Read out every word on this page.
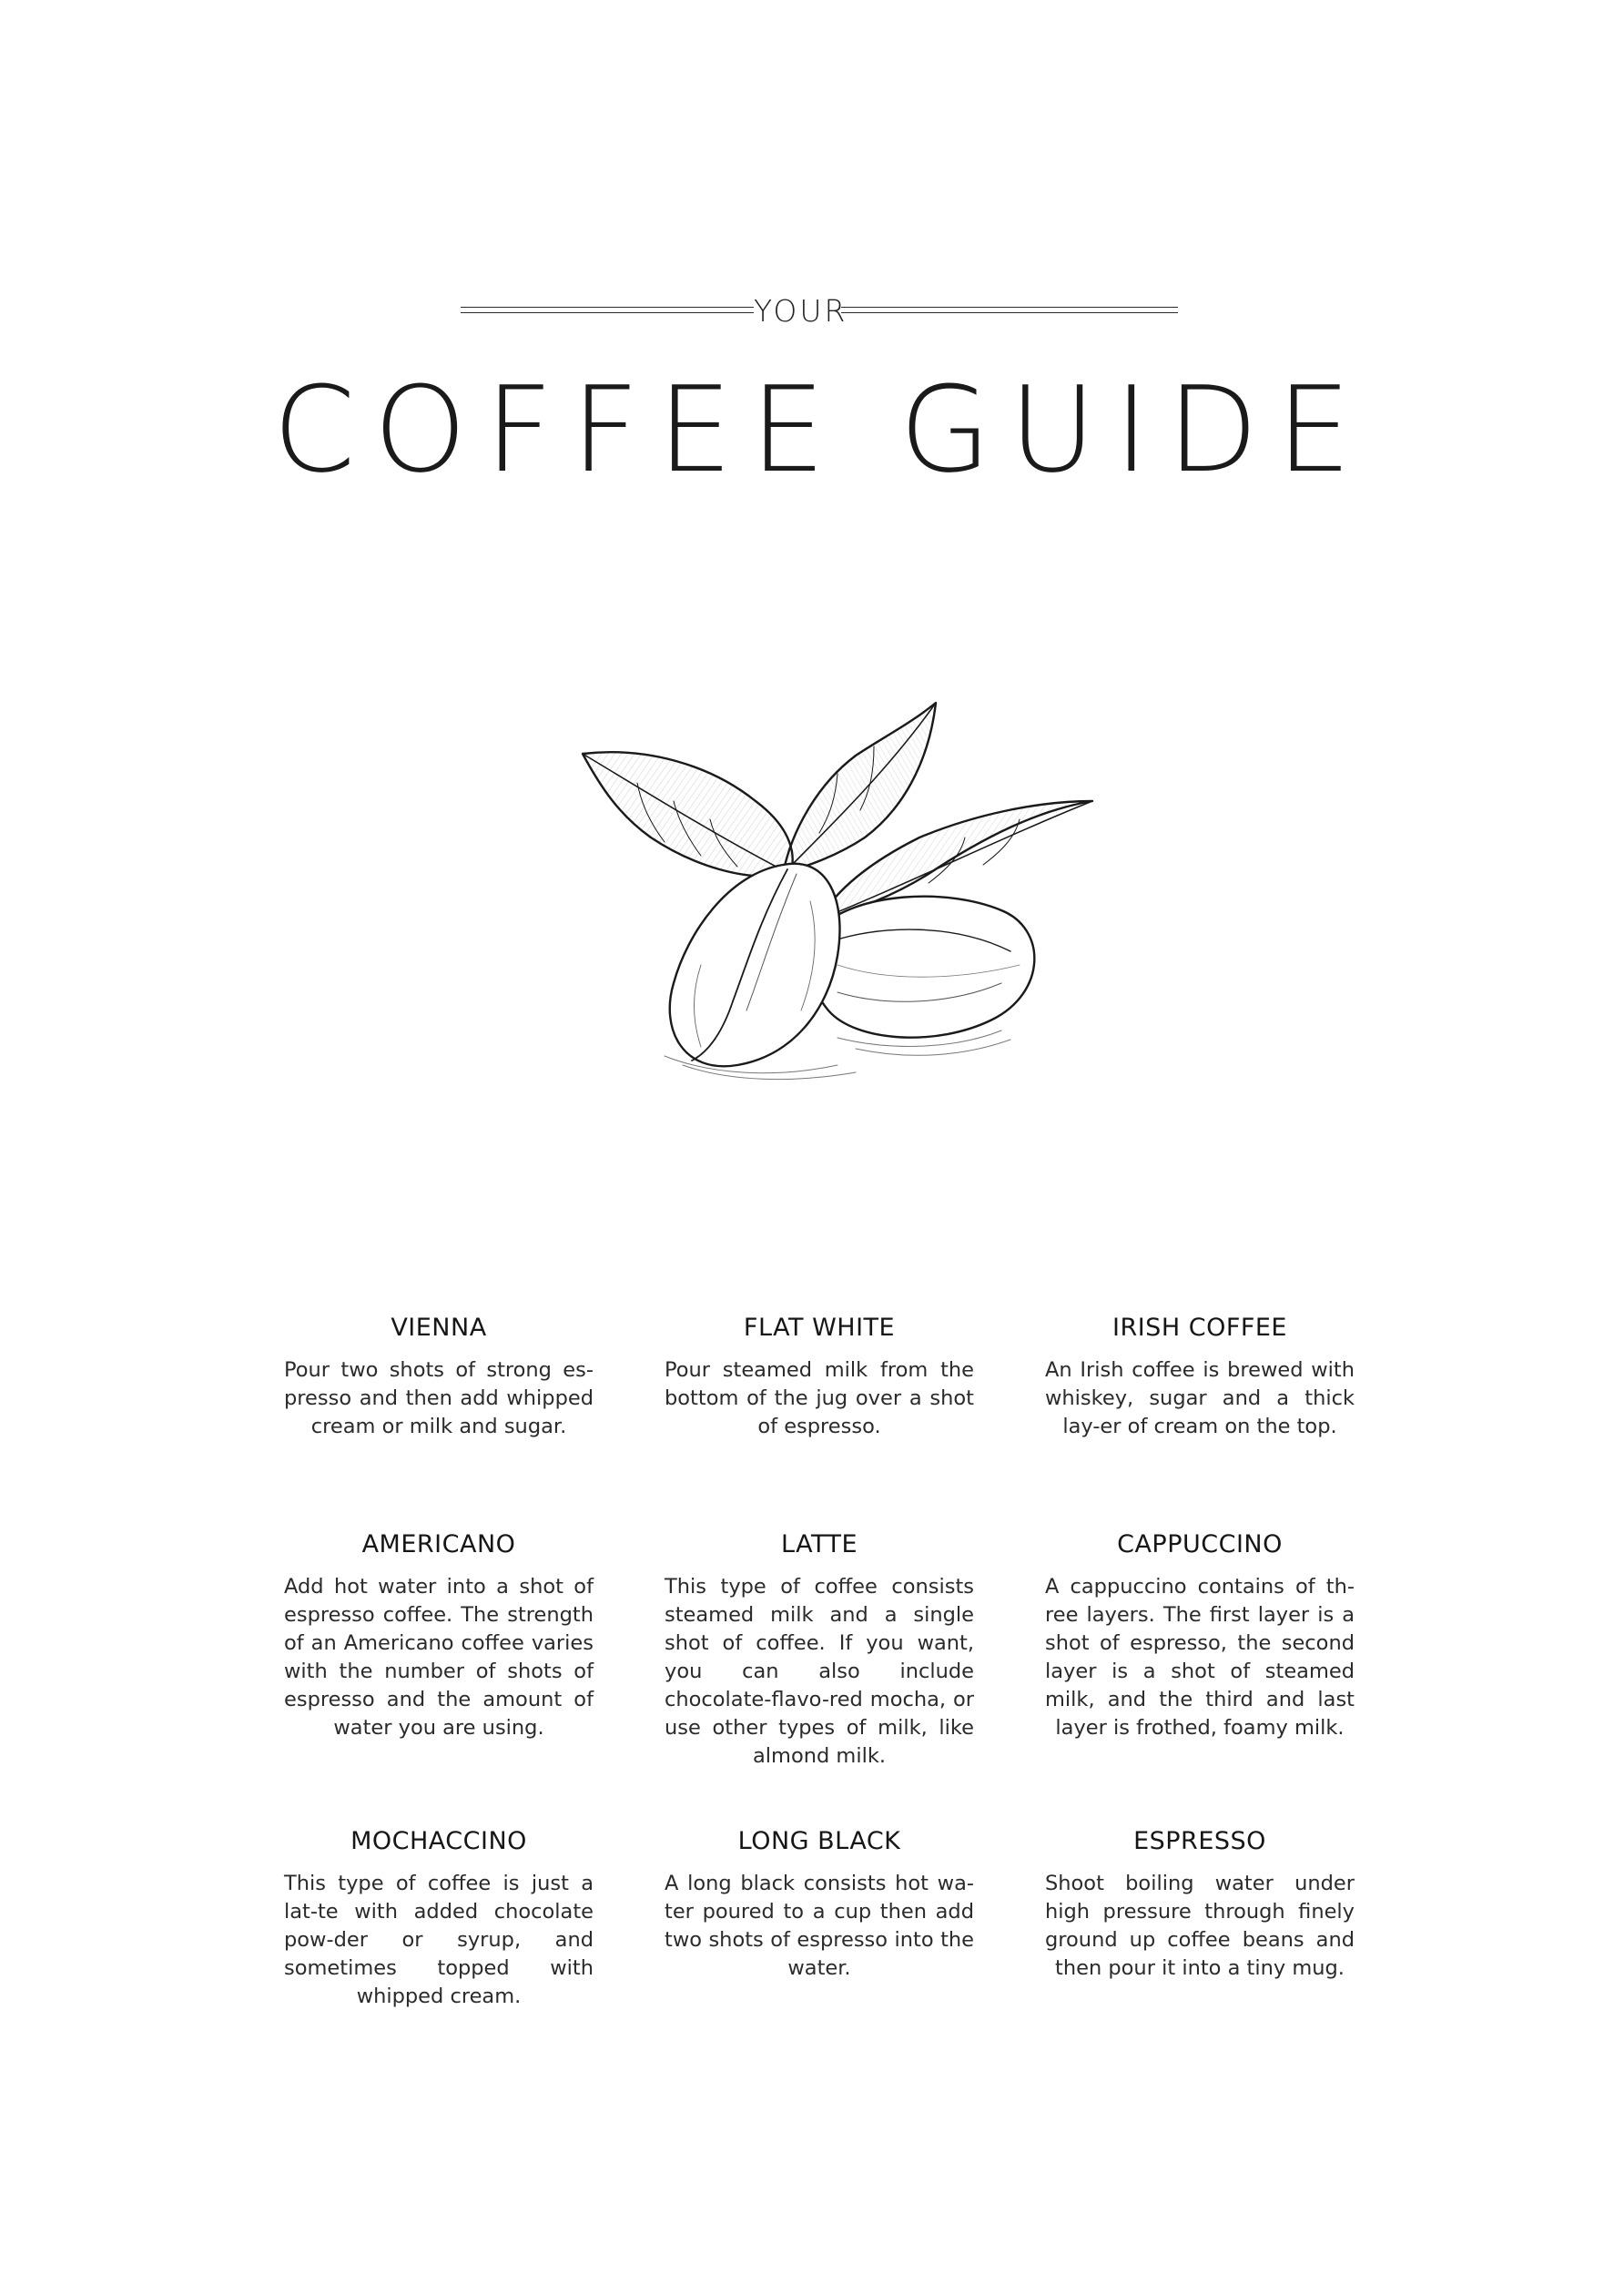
YOUR
COFFEE GUIDE
VIENNA
Pour two shots of strong es-presso and then add whipped cream or milk and sugar.
FLAT WHITE
Pour steamed milk from the bottom of the jug over a shot of espresso.
IRISH COFFEE
An Irish coffee is brewed with whiskey, sugar and a thick lay-er of cream on the top.
AMERICANO
Add hot water into a shot of espresso coffee. The strength of an Americano coffee varies with the number of shots of espresso and the amount of water you are using.
LATTE
This type of coffee consists steamed milk and a single shot of coffee. If you want, you can also include chocolate-flavo-red mocha, or use other types of milk, like almond milk.
CAPPUCCINO
A cappuccino contains of th-ree layers. The first layer is a shot of espresso, the second layer is a shot of steamed milk, and the third and last layer is frothed, foamy milk.
MOCHACCINO
This type of coffee is just a lat-te with added chocolate pow-der or syrup, and sometimes topped with whipped cream.
LONG BLACK
A long black consists hot wa-ter poured to a cup then add two shots of espresso into the water.
ESPRESSO
Shoot boiling water under high pressure through finely ground up coffee beans and then pour it into a tiny mug.
